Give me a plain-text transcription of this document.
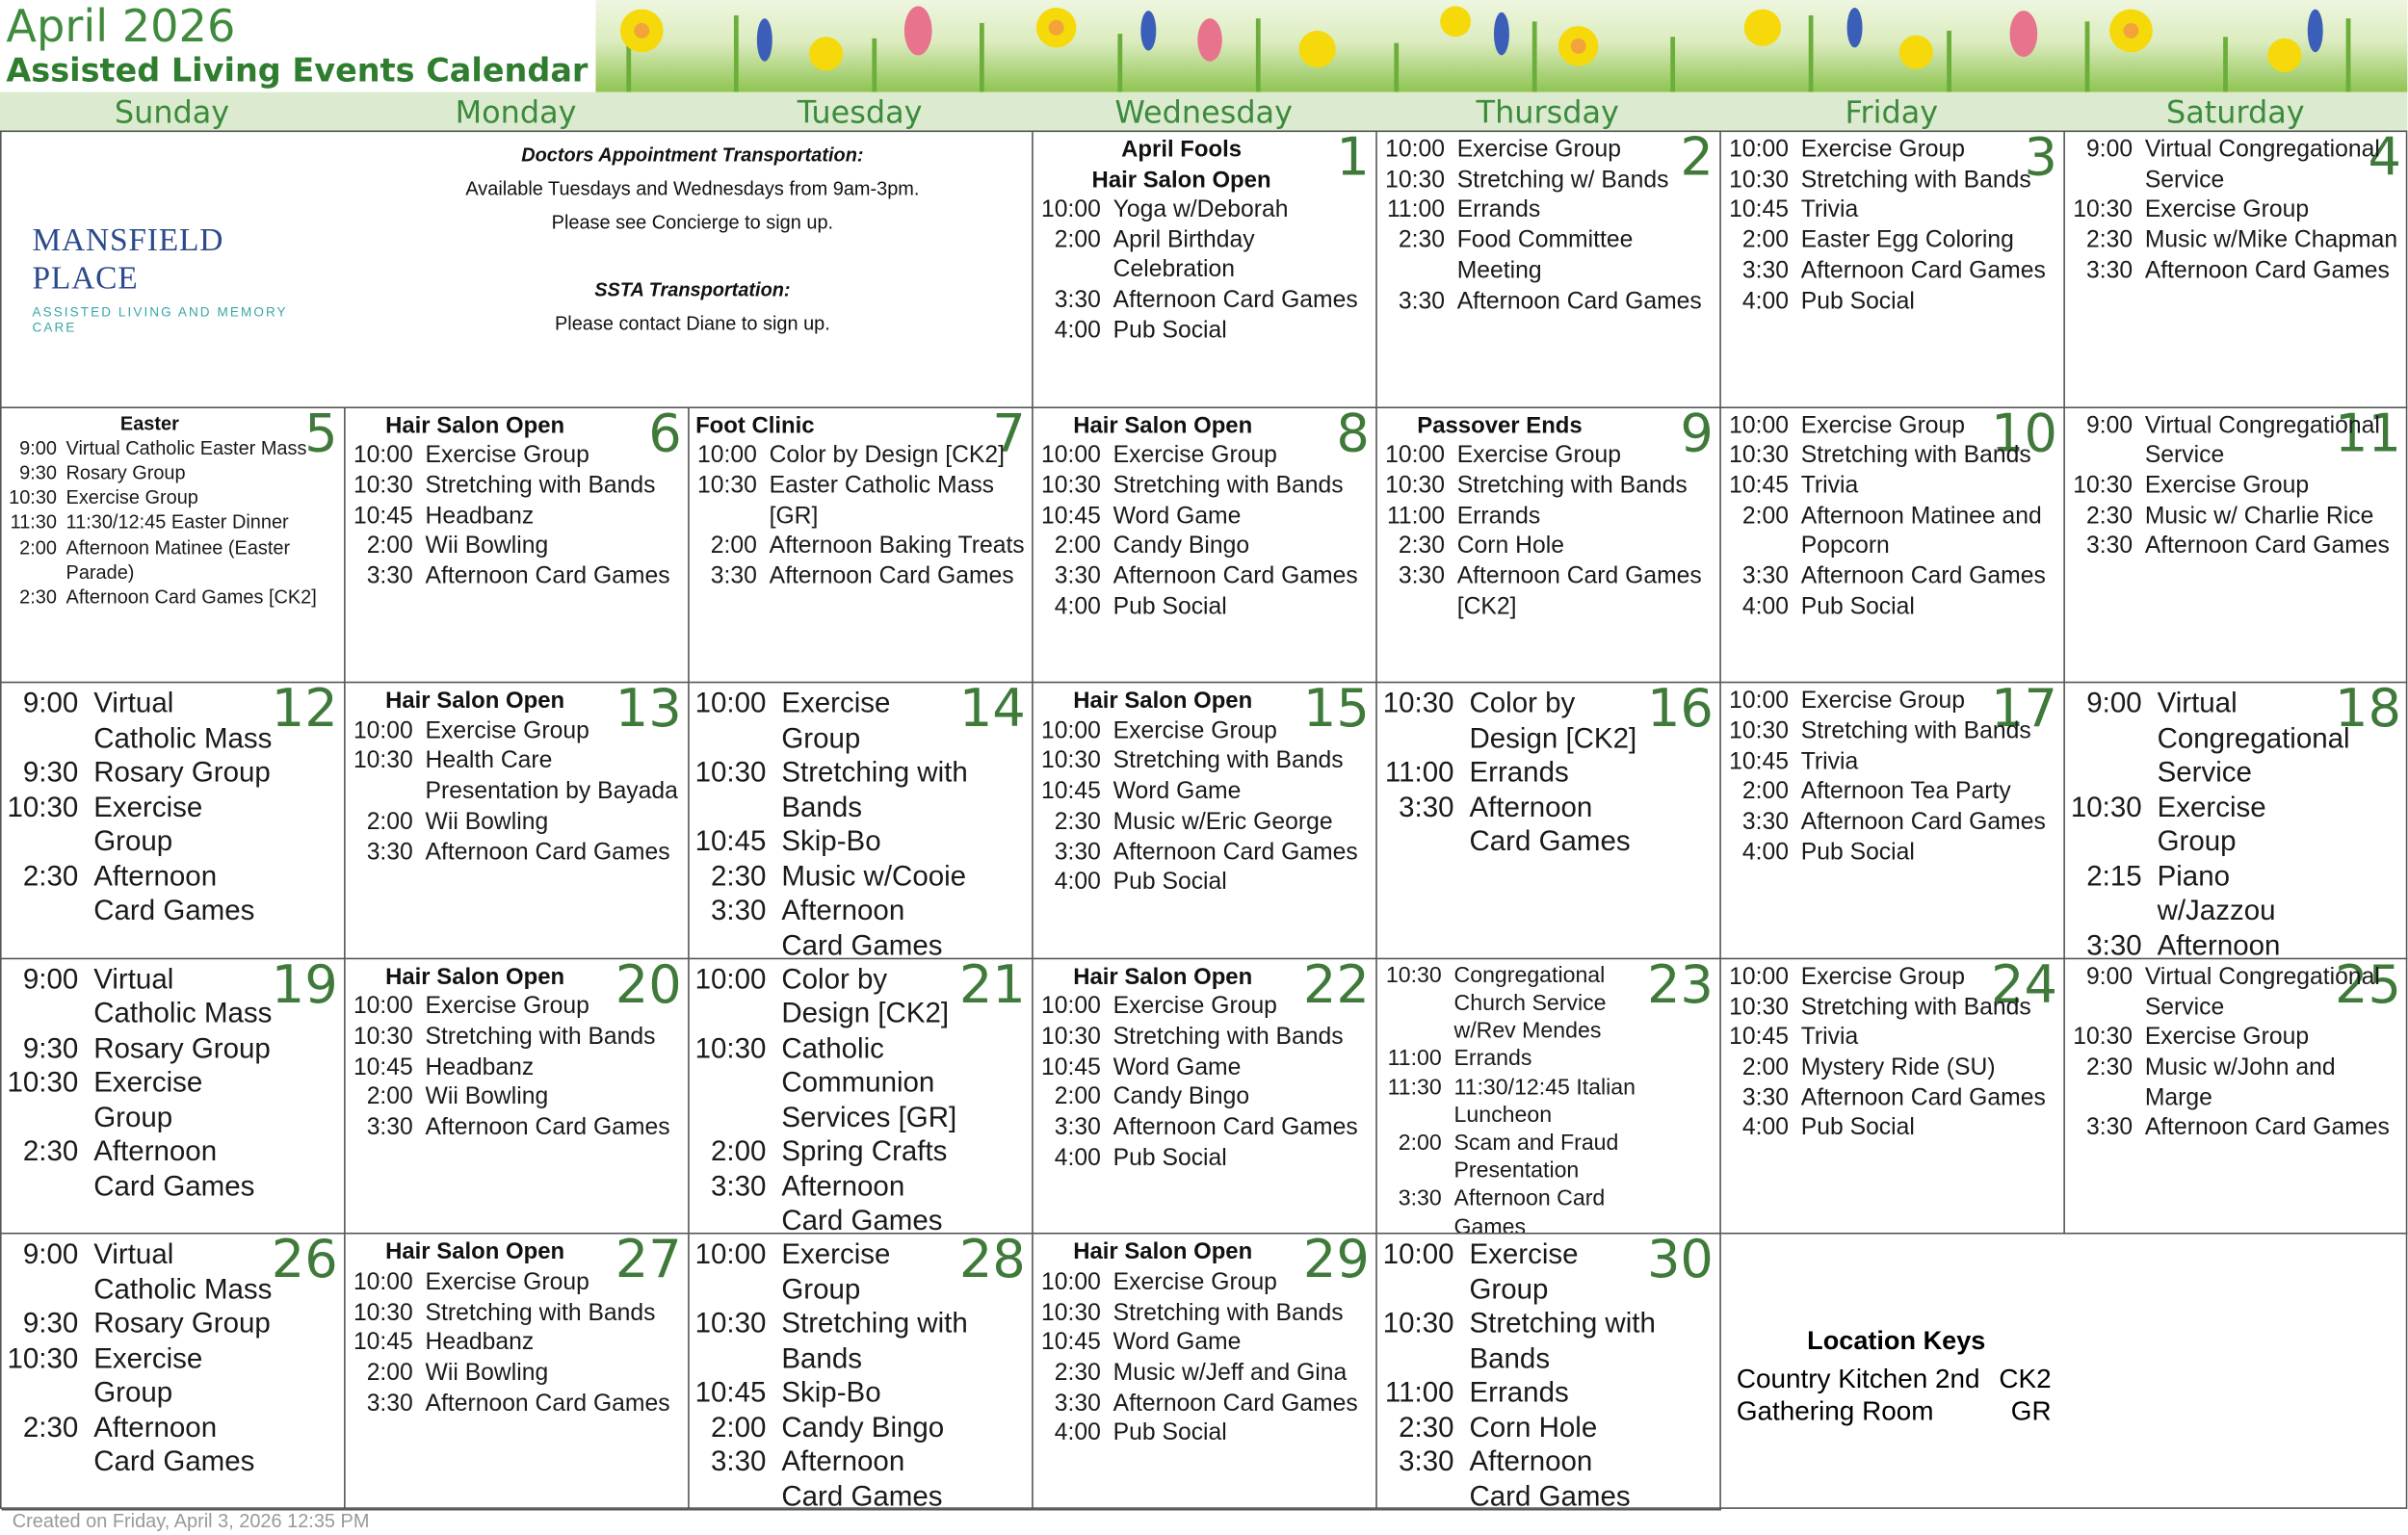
April 2026
Assisted Living Events Calendar
Sunday	Monday	Tuesday	Wednesday	Thursday	Friday	Saturday
MANSFIELD PLACE
ASSISTED LIVING AND MEMORY CARE
Doctors Appointment Transportation:
Available Tuesdays and Wednesdays from 9am-3pm.
Please see Concierge to sign up.
SSTA Transportation:
Please contact Diane to sign up.
1
April Fools
Hair Salon Open
10:00 Yoga w/Deborah
2:00 April Birthday Celebration
3:30 Afternoon Card Games
4:00 Pub Social
2
10:00 Exercise Group
10:30 Stretching w/ Bands
11:00 Errands
2:30 Food Committee Meeting
3:30 Afternoon Card Games
3
10:00 Exercise Group
10:30 Stretching with Bands
10:45 Trivia
2:00 Easter Egg Coloring
3:30 Afternoon Card Games
4:00 Pub Social
4
9:00 Virtual Congregational Service
10:30 Exercise Group
2:30 Music w/Mike Chapman
3:30 Afternoon Card Games
5
Easter
9:00 Virtual Catholic Easter Mass
9:30 Rosary Group
10:30 Exercise Group
11:30 11:30/12:45 Easter Dinner
2:00 Afternoon Matinee (Easter Parade)
2:30 Afternoon Card Games [CK2]
6
Hair Salon Open
10:00 Exercise Group
10:30 Stretching with Bands
10:45 Headbanz
2:00 Wii Bowling
3:30 Afternoon Card Games
7
Foot Clinic
10:00 Color by Design [CK2]
10:30 Easter Catholic Mass [GR]
2:00 Afternoon Baking Treats
3:30 Afternoon Card Games
8
Hair Salon Open
10:00 Exercise Group
10:30 Stretching with Bands
10:45 Word Game
2:00 Candy Bingo
3:30 Afternoon Card Games
4:00 Pub Social
9
Passover Ends
10:00 Exercise Group
10:30 Stretching with Bands
11:00 Errands
2:30 Corn Hole
3:30 Afternoon Card Games [CK2]
10
10:00 Exercise Group
10:30 Stretching with Bands
10:45 Trivia
2:00 Afternoon Matinee and Popcorn
3:30 Afternoon Card Games
4:00 Pub Social
11
9:00 Virtual Congregational Service
10:30 Exercise Group
2:30 Music w/ Charlie Rice
3:30 Afternoon Card Games
12
9:00 Virtual Catholic Mass
9:30 Rosary Group
10:30 Exercise Group
2:30 Afternoon Card Games
13
Hair Salon Open
10:00 Exercise Group
10:30 Health Care Presentation by Bayada
2:00 Wii Bowling
3:30 Afternoon Card Games
14
10:00 Exercise Group
10:30 Stretching with Bands
10:45 Skip-Bo
2:30 Music w/Cooie
3:30 Afternoon Card Games
15
Hair Salon Open
10:00 Exercise Group
10:30 Stretching with Bands
10:45 Word Game
2:30 Music w/Eric George
3:30 Afternoon Card Games
4:00 Pub Social
16
10:30 Color by Design [CK2]
11:00 Errands
3:30 Afternoon Card Games
17
10:00 Exercise Group
10:30 Stretching with Bands
10:45 Trivia
2:00 Afternoon Tea Party
3:30 Afternoon Card Games
4:00 Pub Social
18
9:00 Virtual Congregational Service
10:30 Exercise Group
2:15 Piano w/Jazzou
3:30 Afternoon
19
9:00 Virtual Catholic Mass
9:30 Rosary Group
10:30 Exercise Group
2:30 Afternoon Card Games
20
Hair Salon Open
10:00 Exercise Group
10:30 Stretching with Bands
10:45 Headbanz
2:00 Wii Bowling
3:30 Afternoon Card Games
21
10:00 Color by Design [CK2]
10:30 Catholic Communion Services [GR]
2:00 Spring Crafts
3:30 Afternoon Card Games
22
Hair Salon Open
10:00 Exercise Group
10:30 Stretching with Bands
10:45 Word Game
2:00 Candy Bingo
3:30 Afternoon Card Games
4:00 Pub Social
23
10:30 Congregational Church Service w/Rev Mendes
11:00 Errands
11:30 11:30/12:45 Italian Luncheon
2:00 Scam and Fraud Presentation
3:30 Afternoon Card Games
24
10:00 Exercise Group
10:30 Stretching with Bands
10:45 Trivia
2:00 Mystery Ride (SU)
3:30 Afternoon Card Games
4:00 Pub Social
25
9:00 Virtual Congregational Service
10:30 Exercise Group
2:30 Music w/John and Marge
3:30 Afternoon Card Games
26
9:00 Virtual Catholic Mass
9:30 Rosary Group
10:30 Exercise Group
2:30 Afternoon Card Games
27
Hair Salon Open
10:00 Exercise Group
10:30 Stretching with Bands
10:45 Headbanz
2:00 Wii Bowling
3:30 Afternoon Card Games
28
10:00 Exercise Group
10:30 Stretching with Bands
10:45 Skip-Bo
2:00 Candy Bingo
3:30 Afternoon Card Games
29
Hair Salon Open
10:00 Exercise Group
10:30 Stretching with Bands
10:45 Word Game
2:30 Music w/Jeff and Gina
3:30 Afternoon Card Games
4:00 Pub Social
30
10:00 Exercise Group
10:30 Stretching with Bands
11:00 Errands
2:30 Corn Hole
3:30 Afternoon Card Games
Location Keys
Country Kitchen 2nd CK2
Gathering Room	GR
Created on Friday, April 3, 2026 12:35 PM
